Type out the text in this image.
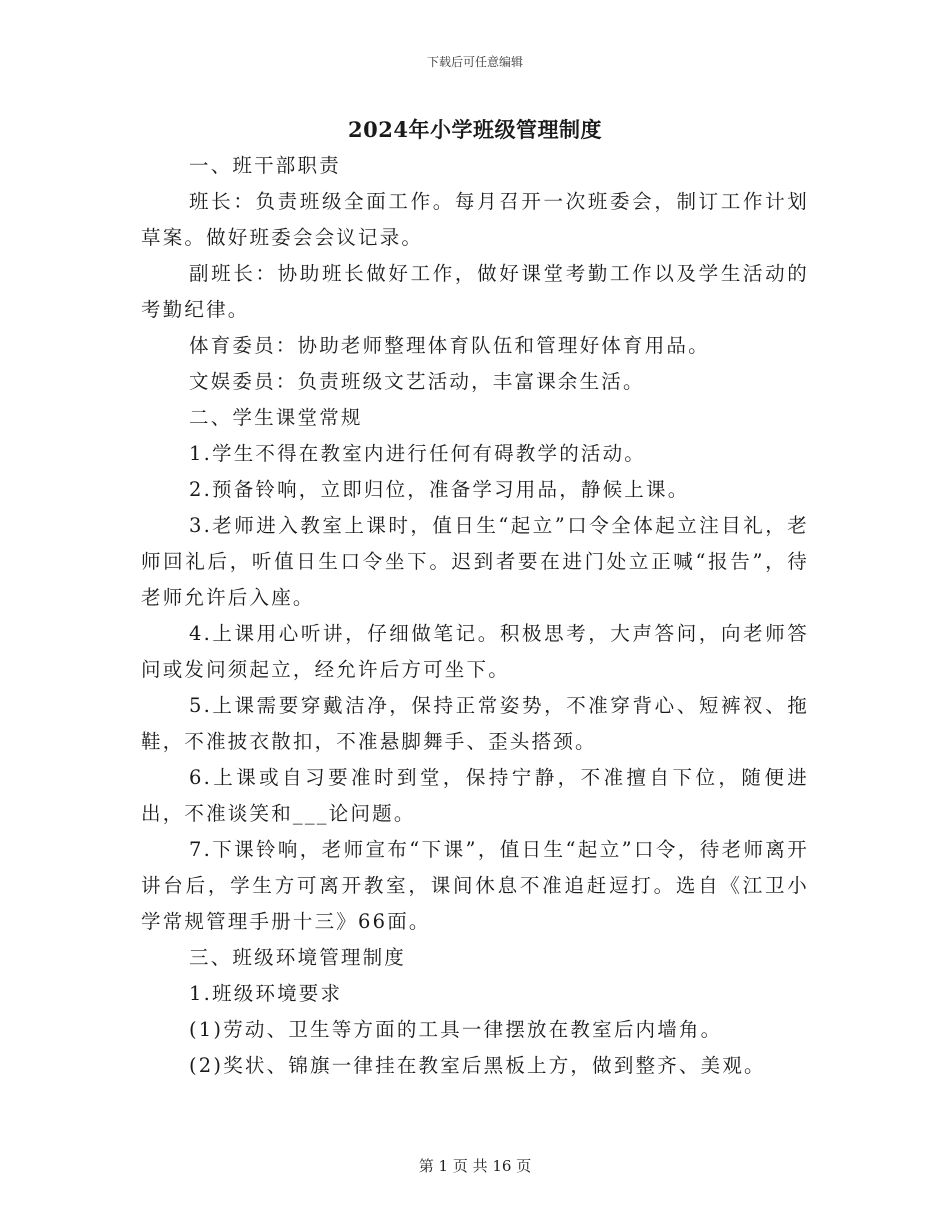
下载后可任意编辑
2024年小学班级管理制度

一、班干部职责

班长：负责班级全面工作。每月召开一次班委会，制订工作计划草案。做好班委会会议记录。

副班长：协助班长做好工作，做好课堂考勤工作以及学生活动的考勤纪律。

体育委员：协助老师整理体育队伍和管理好体育用品。

文娱委员：负责班级文艺活动，丰富课余生活。

二、学生课堂常规

1.学生不得在教室内进行任何有碍教学的活动。

2.预备铃响，立即归位，准备学习用品，静候上课。

3.老师进入教室上课时，值日生“起立”口令全体起立注目礼，老师回礼后，听值日生口令坐下。迟到者要在进门处立正喊“报告”，待老师允许后入座。

4.上课用心听讲，仔细做笔记。积极思考，大声答问，向老师答问或发问须起立，经允许后方可坐下。

5.上课需要穿戴洁净，保持正常姿势，不准穿背心、短裤衩、拖鞋，不准披衣散扣，不准悬脚舞手、歪头搭颈。

6.上课或自习要准时到堂，保持宁静，不准擅自下位，随便进出，不准谈笑和___论问题。

7.下课铃响，老师宣布“下课”，值日生“起立”口令，待老师离开讲台后，学生方可离开教室，课间休息不准追赶逗打。选自《江卫小学常规管理手册十三》66面。

三、班级环境管理制度

1.班级环境要求

(1)劳动、卫生等方面的工具一律摆放在教室后内墙角。

(2)奖状、锦旗一律挂在教室后黑板上方，做到整齐、美观。

第 1 页 共 16 页
